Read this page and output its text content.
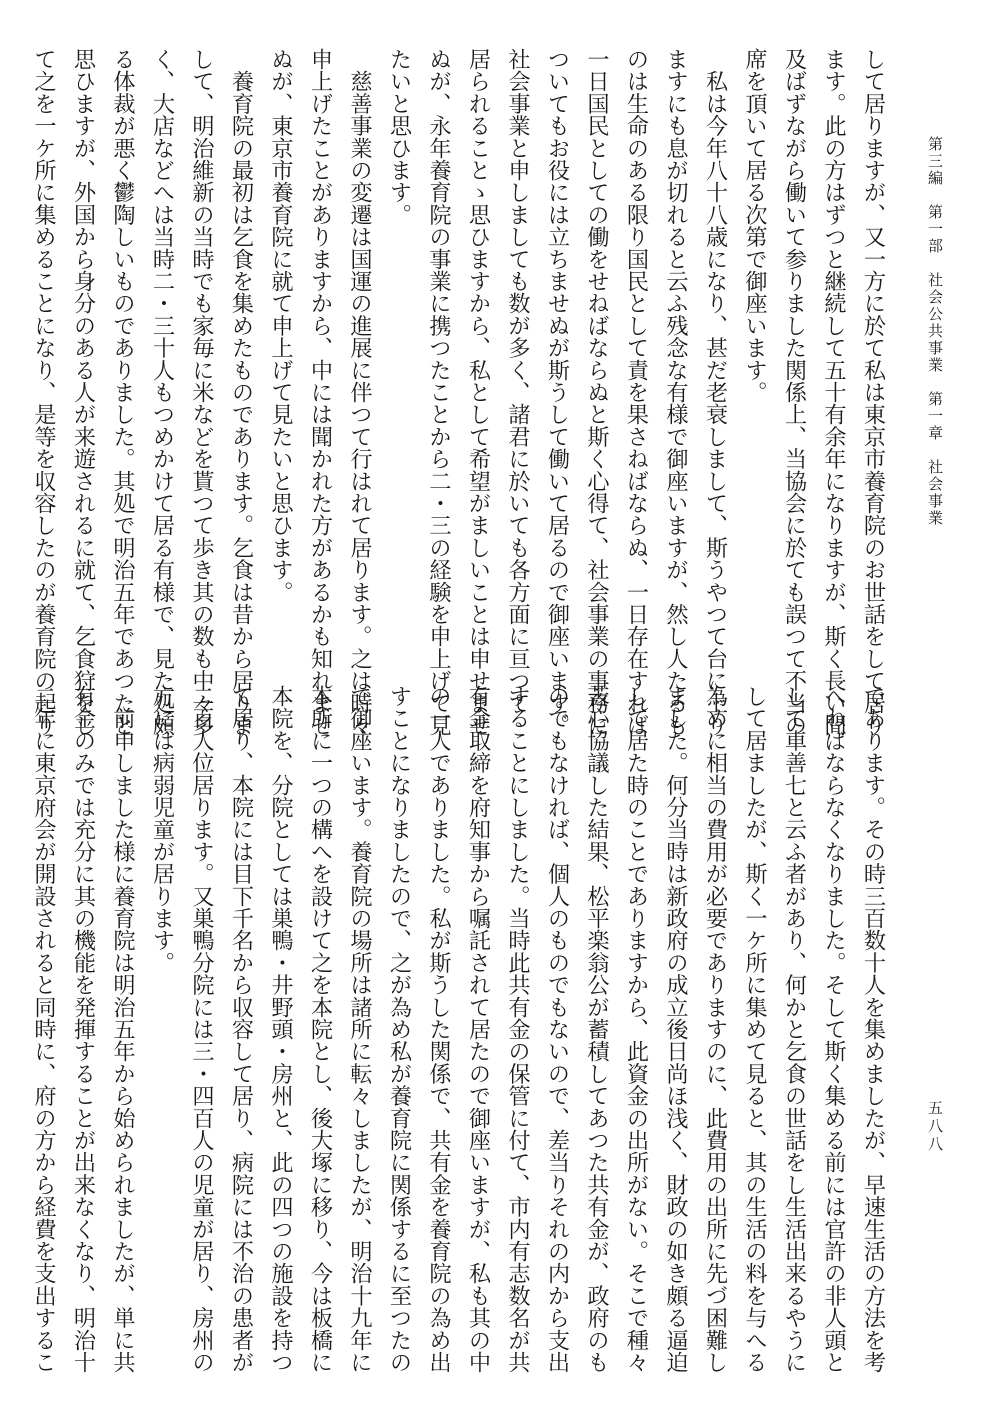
第三編　第一部　社会公共事業　第一章　社会事業
して居りますが、又一方に於て私は東京市養育院のお世話をして居り
ます。此の方はずつと継続して五十有余年になりますが、斯く長い間
及ばずながら働いて参りました関係上、当協会に於ても誤つて不当の
席を頂いて居る次第で御座います。
　私は今年八十八歳になり、甚だ老衰しまして、斯うやつて台に上り
ますにも息が切れると云ふ残念な有様で御座いますが、然し人たるも
のは生命のある限り国民として責を果さねばならぬ、一日存在すれば
一日国民としての働をせねばならぬと斯く心得て、社会事業の事務に
ついてもお役には立ちませぬが斯うして働いて居るので御座います。
社会事業と申しましても数が多く、諸君に於いても各方面に亘つて
居られることゝ思ひますから、私として希望がましいことは申せませ
ぬが、永年養育院の事業に携つたことから二・三の経験を申上げて見
たいと思ひます。
　慈善事業の変遷は国運の進展に伴つて行はれて居ります。之は時々
申上げたことがありますから、中には聞かれた方があるかも知れませ
ぬが、東京市養育院に就て申上げて見たいと思ひます。
　養育院の最初は乞食を集めたものであります。乞食は昔から居りま
して、明治維新の当時でも家毎に米などを貰つて歩き其の数も中々多
く、大店などへは当時二・三十人もつめかけて居る有様で、見た処頗
る体裁が悪く鬱陶しいものでありました。其処で明治五年であつたと
思ひますが、外国から身分のある人が来遊されるに就て、乞食狩をし
て之を一ケ所に集めることになり、是等を収容したのが養育院の起り
であります。その時三百数十人を集めましたが、早速生活の方法を考
へねばならなくなりました。そして斯く集める前には官許の非人頭と
して車善七と云ふ者があり、何かと乞食の世話をし生活出来るやうに
して居ましたが、斯く一ケ所に集めて見ると、其の生活の料を与へる
為めに相当の費用が必要でありますのに、此費用の出所に先づ困難し
ました。何分当時は新政府の成立後日尚ほ浅く、財政の如き頗る逼迫
して居た時のことでありますから、此資金の出所がない。そこで種々
苦心協議した結果、松平楽翁公が蓄積してあつた共有金が、政府のも
のでもなければ、個人のものでもないので、差当りそれの内から支出
することにしました。当時此共有金の保管に付て、市内有志数名が共
有金取締を府知事から嘱託されて居たので御座いますが、私も其の中
の一人でありました。私が斯うした関係で、共有金を養育院の為め出
すことになりましたので、之が為め私が養育院に関係するに至つたの
で御座います。養育院の場所は諸所に転々しましたが、明治十九年に
本所に一つの構へを設けて之を本院とし、後大塚に移り、今は板橋に
本院を、分院としては巣鴨・井野頭・房州と、此の四つの施設を持つ
て居り、本院には目下千名から収容して居り、病院には不治の患者が
二百人位居ります。又巣鴨分院には三・四百人の児童が居り、房州の
方には病弱児童が居ります。
　前申しました様に養育院は明治五年から始められましたが、単に共
有金のみでは充分に其の機能を発揮することが出来なくなり、明治十
二年に東京府会が開設されると同時に、府の方から経費を支出するこ	五八八
